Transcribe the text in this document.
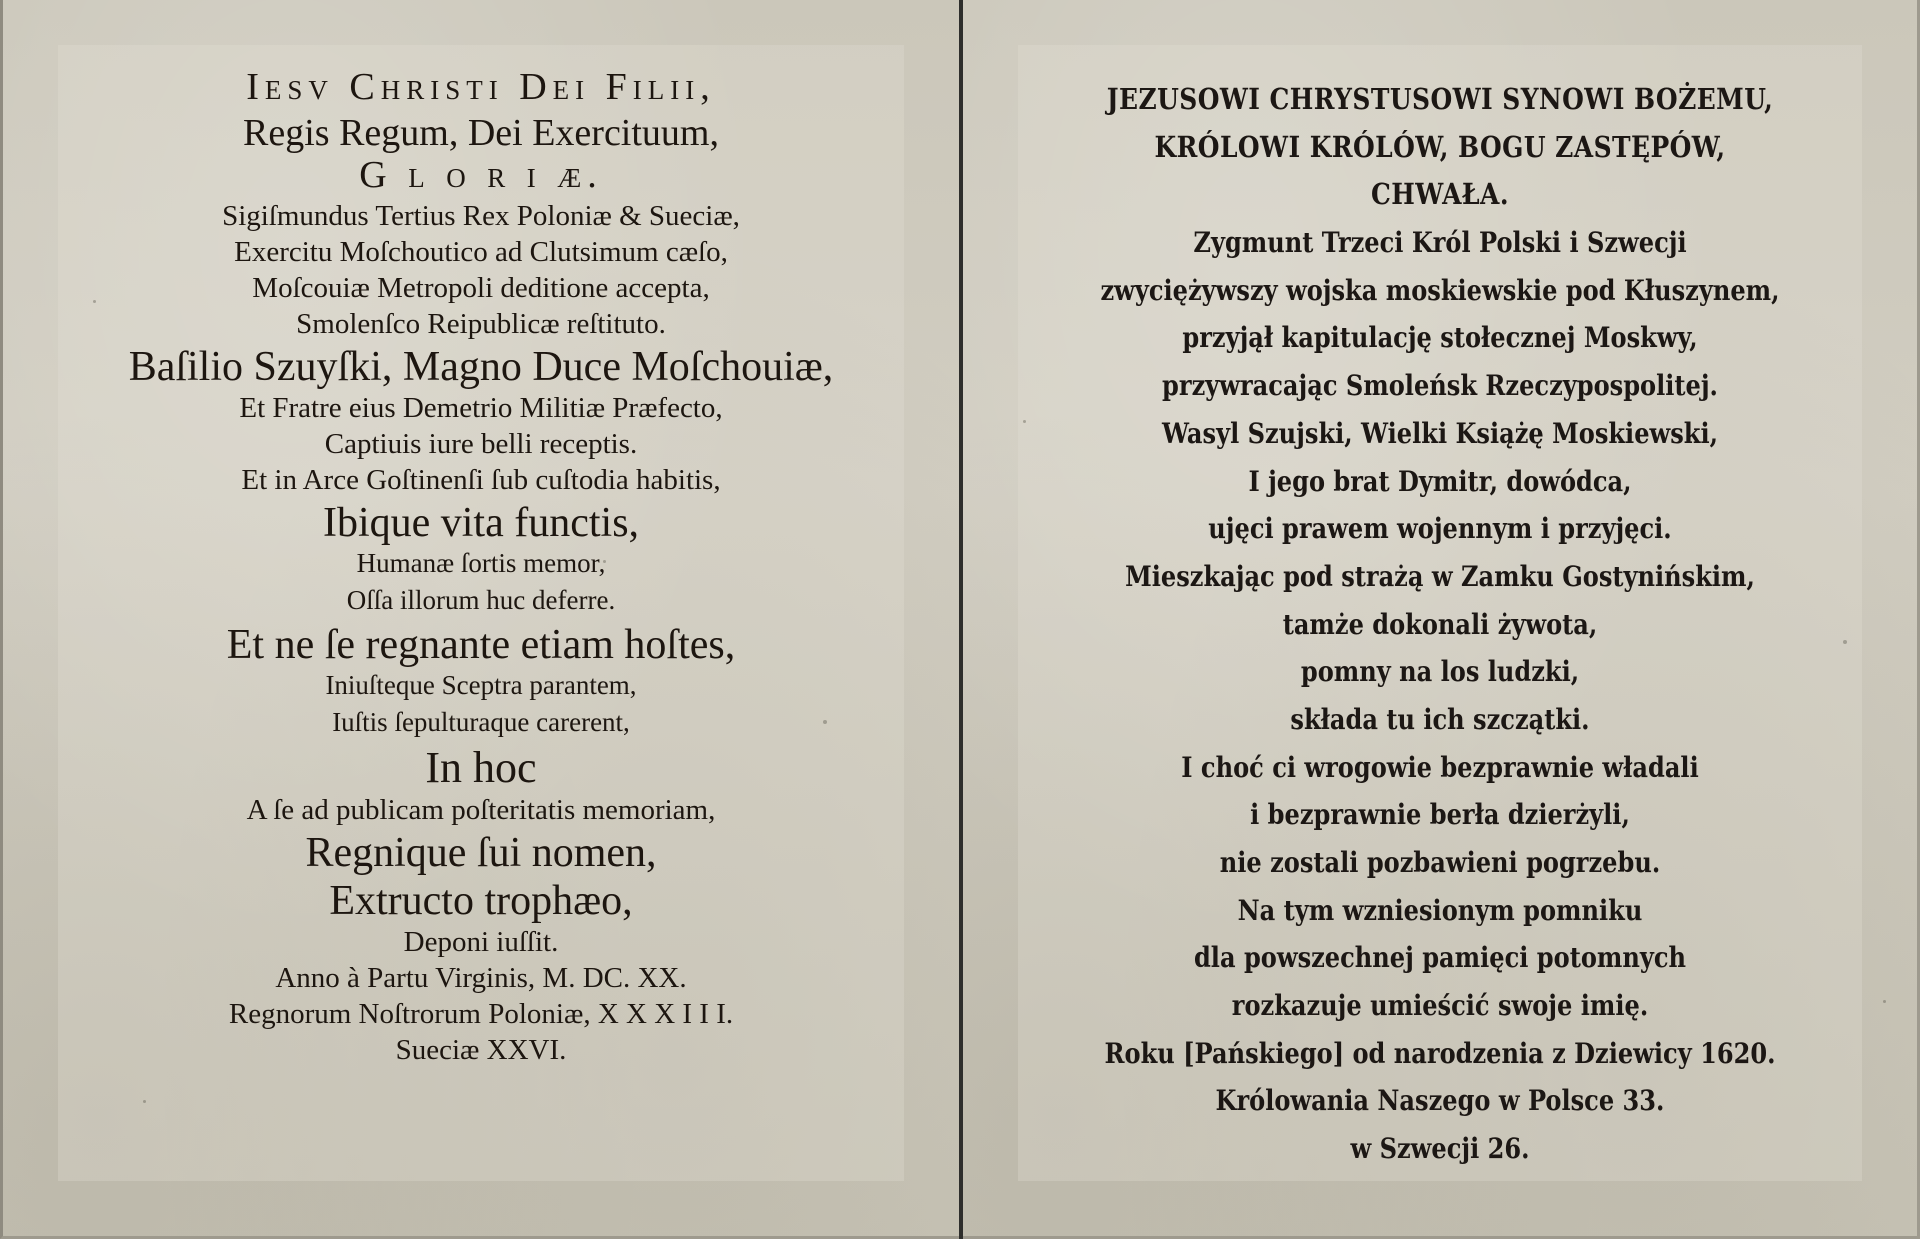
Iesv Christi Dei Filii,
Regis Regum, Dei Exercituum,
G l o r i æ.
Sigiſmundus Tertius Rex Poloniæ & Sueciæ,
Exercitu Moſchoutico ad Clutsimum cæſo,
Moſcouiæ Metropoli deditione accepta,
Smolenſco Reipublicæ reſtituto.
Baſilio Szuyſki, Magno Duce Moſchouiæ,
Et Fratre eius Demetrio Militiæ Præfecto,
Captiuis iure belli receptis.
Et in Arce Goſtinenſi ſub cuſtodia habitis,
Ibique vita functis,
Humanæ ſortis memor,
Oſſa illorum huc deferre.
Et ne ſe regnante etiam hoſtes,
Iniuſteque Sceptra parantem,
Iuſtis ſepulturaque carerent,
In hoc
A ſe ad publicam poſteritatis memoriam,
Regnique ſui nomen,
Extructo trophæo,
Deponi iuſſit.
Anno à Partu Virginis, M. DC. XX.
Regnorum Noſtrorum Poloniæ, X X X I I I.
Sueciæ XXVI.
JEZUSOWI CHRYSTUSOWI SYNOWI BOŻEMU,
KRÓLOWI KRÓLÓW, BOGU ZASTĘPÓW,
CHWAŁA.
Zygmunt Trzeci Król Polski i Szwecji
zwyciężywszy wojska moskiewskie pod Kłuszynem,
przyjął kapitulację stołecznej Moskwy,
przywracając Smoleńsk Rzeczypospolitej.
Wasyl Szujski, Wielki Książę Moskiewski,
I jego brat Dymitr, dowódca,
ujęci prawem wojennym i przyjęci.
Mieszkając pod strażą w Zamku Gostynińskim,
tamże dokonali żywota,
pomny na los ludzki,
składa tu ich szczątki.
I choć ci wrogowie bezprawnie władali
i bezprawnie berła dzierżyli,
nie zostali pozbawieni pogrzebu.
Na tym wzniesionym pomniku
dla powszechnej pamięci potomnych
rozkazuje umieścić swoje imię.
Roku [Pańskiego] od narodzenia z Dziewicy 1620.
Królowania Naszego w Polsce 33.
w Szwecji 26.
